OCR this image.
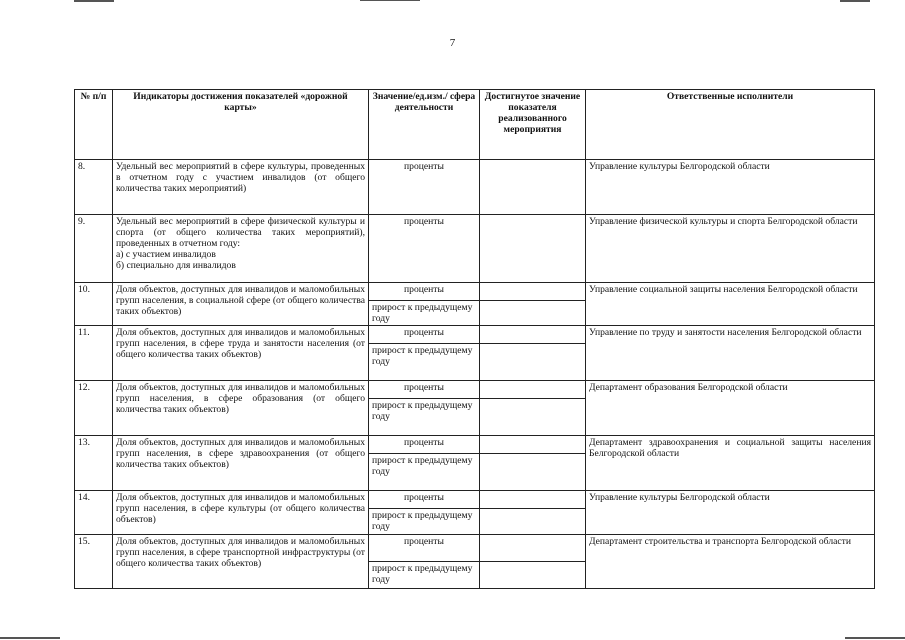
7
№ п/п	Индикаторы достижения показателей «дорожной карты»	Значение/ед.изм./ сфера деятельности	Достигнутое значение показателя реализованного мероприятия	Ответственные исполнители
8.	Удельный вес мероприятий в сфере культуры, проведенных в отчетном году с участием инвалидов (от общего количества таких мероприятий)	проценты		Управление культуры Белгородской области
9.	Удельный вес мероприятий в сфере физической культуры и спорта (от общего количества таких мероприятий), проведенных в отчетном году:
а) с участием инвалидов
б) специально для инвалидов	проценты		Управление физической культуры и спорта Белгородской области
10.	Доля объектов, доступных для инвалидов и маломобильных групп населения, в социальной сфере (от общего количества таких объектов)	проценты		Управление социальной защиты населения Белгородской области
		прирост к предыдущему году		
11.	Доля объектов, доступных для инвалидов и маломобильных групп населения, в сфере труда и занятости населения (от общего количества таких объектов)	проценты		Управление по труду и занятости населения Белгородской области
		прирост к предыдущему году		
12.	Доля объектов, доступных для инвалидов и маломобильных групп населения, в сфере образования (от общего количества таких объектов)	проценты		Департамент образования Белгородской области
		прирост к предыдущему году		
13.	Доля объектов, доступных для инвалидов и маломобильных групп населения, в сфере здравоохранения (от общего количества таких объектов)	проценты		Департамент здравоохранения и социальной защиты населения Белгородской области
		прирост к предыдущему году		
14.	Доля объектов, доступных для инвалидов и маломобильных групп населения, в сфере культуры (от общего количества объектов)	проценты		Управление культуры Белгородской области
		прирост к предыдущему году		
15.	Доля объектов, доступных для инвалидов и маломобильных групп населения, в сфере транспортной инфраструктуры (от общего количества таких объектов)	проценты		Департамент строительства и транспорта Белгородской области
		прирост к предыдущему году		
